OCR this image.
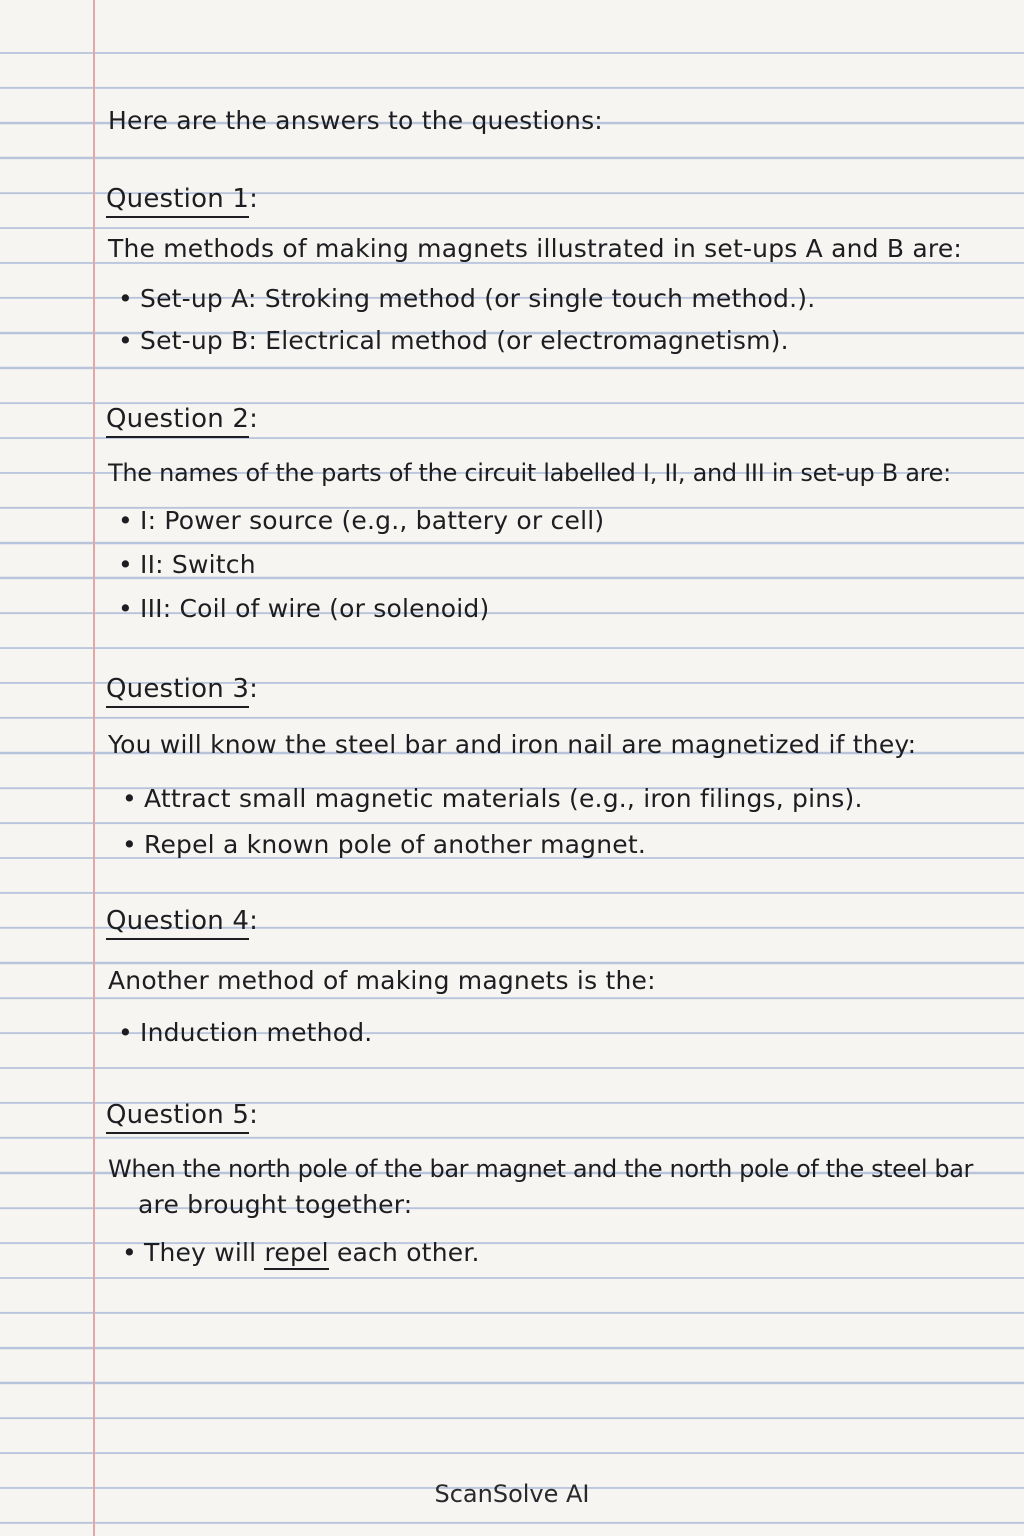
Here are the answers to the questions:
Question 1:
The methods of making magnets illustrated in set-ups A and B are:
• Set-up A: Stroking method (or single touch method.).
• Set-up B: Electrical method (or electromagnetism).
Question 2:
The names of the parts of the circuit labelled I, II, and III in set-up B are:
• I: Power source (e.g., battery or cell)
• II: Switch
• III: Coil of wire (or solenoid)
Question 3:
You will know the steel bar and iron nail are magnetized if they:
• Attract small magnetic materials (e.g., iron filings, pins).
• Repel a known pole of another magnet.
Question 4:
Another method of making magnets is the:
• Induction method.
Question 5:
When the north pole of the bar magnet and the north pole of the steel bar
are brought together:
• They will repel each other.
ScanSolve AI
